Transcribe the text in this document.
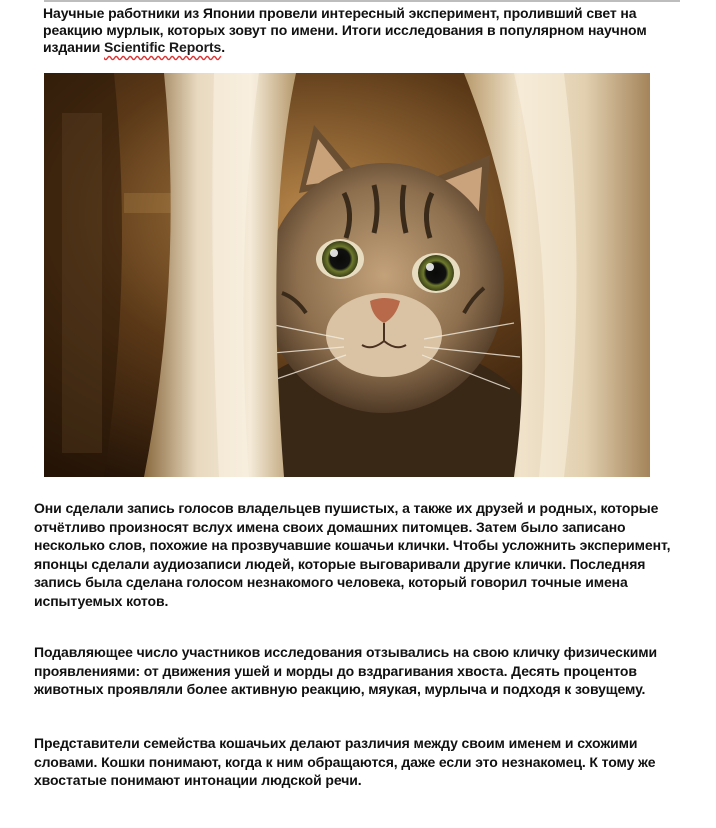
Научные работники из Японии провели интересный эксперимент, проливший свет на реакцию мурлык, которых зовут по имени. Итоги исследования в популярном научном издании Scientific Reports.

Они сделали запись голосов владельцев пушистых, а также их друзей и родных, которые отчётливо произносят вслух имена своих домашних питомцев. Затем было записано несколько слов, похожие на прозвучавшие кошачьи клички. Чтобы усложнить эксперимент, японцы сделали аудиозаписи людей, которые выговаривали другие клички. Последняя запись была сделана голосом незнакомого человека, который говорил точные имена испытуемых котов.

Подавляющее число участников исследования отзывались на свою кличку физическими проявлениями: от движения ушей и морды до вздрагивания хвоста. Десять процентов животных проявляли более активную реакцию, мяукая, мурлыча и подходя к зовущему.

Представители семейства кошачьих делают различия между своим именем и схожими словами. Кошки понимают, когда к ним обращаются, даже если это незнакомец. К тому же хвостатые понимают интонации людской речи.
